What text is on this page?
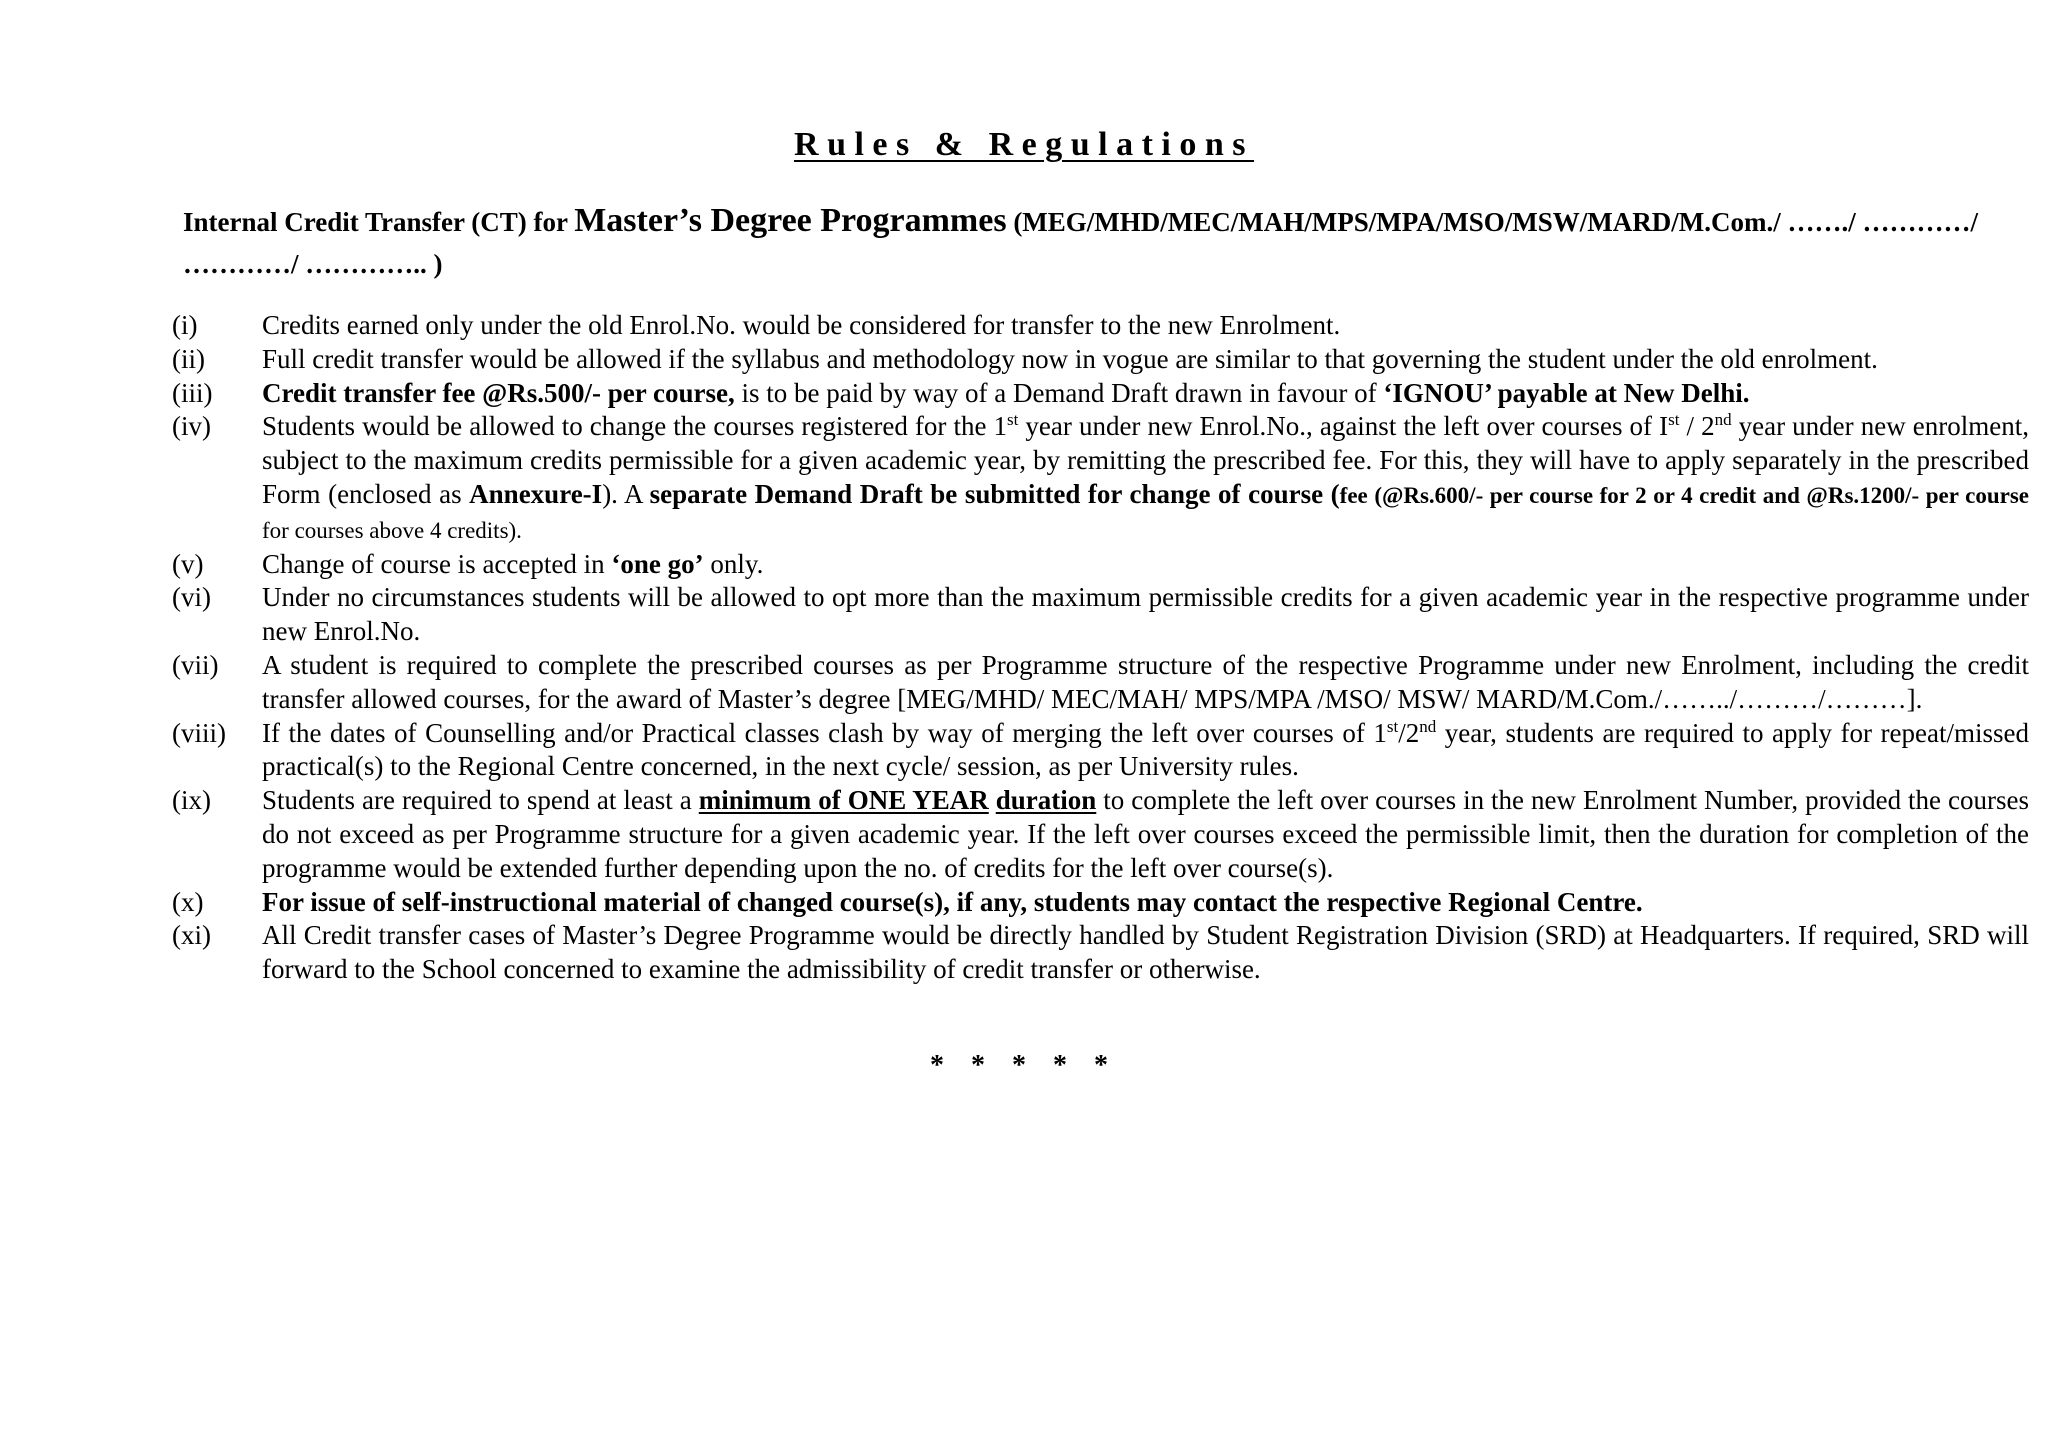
Rules & Regulations

Internal Credit Transfer (CT) for Master’s Degree Programmes (MEG/MHD/MEC/MAH/MPS/MPA/MSO/MSW/MARD/M.Com./ ……./ …………/ …………/ ………….. )

(i)	Credits earned only under the old Enrol.No. would be considered for transfer to the new Enrolment.
(ii)	Full credit transfer would be allowed if the syllabus and methodology now in vogue are similar to that governing the student under the old enrolment.
(iii)	Credit transfer fee @Rs.500/- per course, is to be paid by way of a Demand Draft drawn in favour of ‘IGNOU’ payable at New Delhi.
(iv)	Students would be allowed to change the courses registered for the 1st year under new Enrol.No., against the left over courses of Ist / 2nd year under new enrolment, subject to the maximum credits permissible for a given academic year, by remitting the prescribed fee. For this, they will have to apply separately in the prescribed Form (enclosed as Annexure-I). A separate Demand Draft be submitted for change of course (fee (@Rs.600/- per course for 2 or 4 credit and @Rs.1200/- per course for courses above 4 credits).
(v)	Change of course is accepted in ‘one go’ only.
(vi)	Under no circumstances students will be allowed to opt more than the maximum permissible credits for a given academic year in the respective programme under new Enrol.No.
(vii)	A student is required to complete the prescribed courses as per Programme structure of the respective Programme under new Enrolment, including the credit transfer allowed courses, for the award of Master’s degree [MEG/MHD/ MEC/MAH/ MPS/MPA /MSO/ MSW/ MARD/M.Com./……../………/………].
(viii)	If the dates of Counselling and/or Practical classes clash by way of merging the left over courses of 1st/2nd year, students are required to apply for repeat/missed practical(s) to the Regional Centre concerned, in the next cycle/ session, as per University rules.
(ix)	Students are required to spend at least a minimum of ONE YEAR duration to complete the left over courses in the new Enrolment Number, provided the courses do not exceed as per Programme structure for a given academic year. If the left over courses exceed the permissible limit, then the duration for completion of the programme would be extended further depending upon the no. of credits for the left over course(s).
(x)	For issue of self-instructional material of changed course(s), if any, students may contact the respective Regional Centre.
(xi)	All Credit transfer cases of Master’s Degree Programme would be directly handled by Student Registration Division (SRD) at Headquarters. If required, SRD will forward to the School concerned to examine the admissibility of credit transfer or otherwise.
* * * * *
